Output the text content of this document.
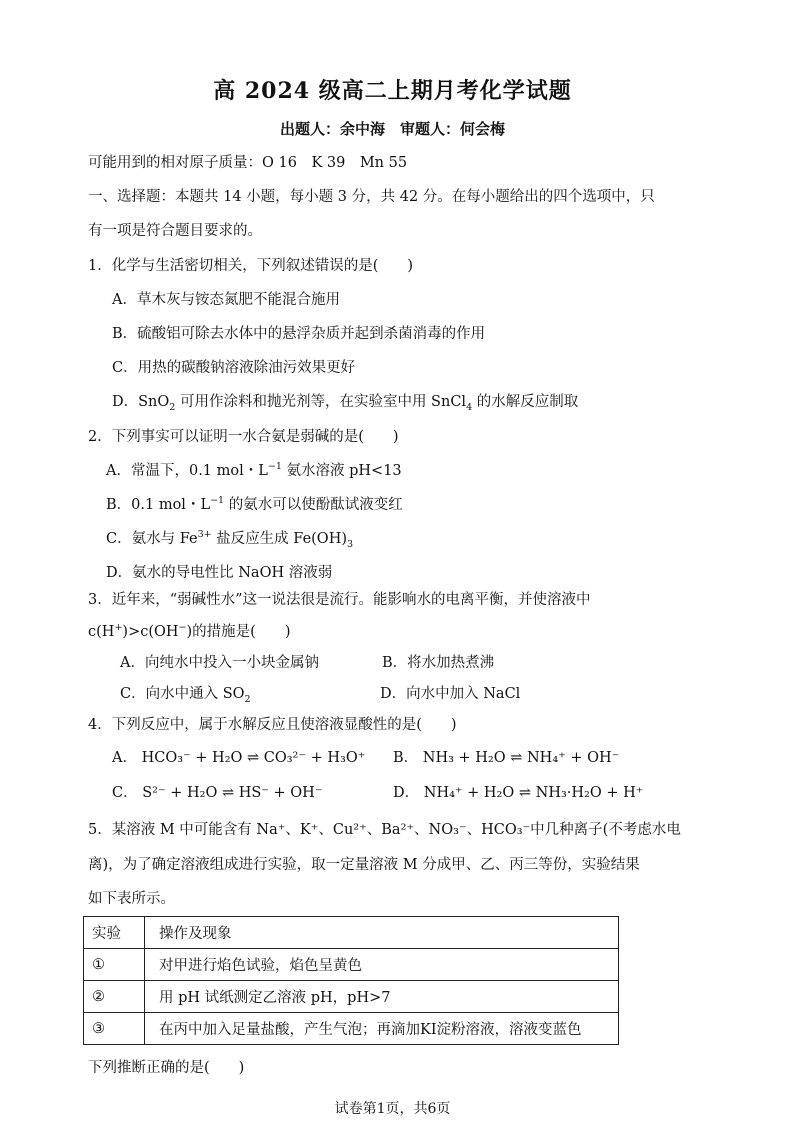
高 2024 级高二上期月考化学试题
出题人：余中海　审题人：何会梅
可能用到的相对原子质量：O 16　K 39　Mn 55
一、选择题：本题共 14 小题，每小题 3 分，共 42 分。在每小题给出的四个选项中，只
有一项是符合题目要求的。
1．化学与生活密切相关，下列叙述错误的是(　　)
A．草木灰与铵态氮肥不能混合施用
B．硫酸铝可除去水体中的悬浮杂质并起到杀菌消毒的作用
C．用热的碳酸钠溶液除油污效果更好
D．SnO$_2$ 可用作涂料和抛光剂等，在实验室中用 SnCl$_4$ 的水解反应制取
2．下列事实可以证明一水合氨是弱碱的是(　　)
A．常温下，0.1 mol・$L^{-1}$ 氨水溶液 pH<13
B．0.1 mol・$L^{-1}$ 的氨水可以使酚酞试液变红
C．氨水与 $Fe^{3+}$ 盐反应生成 $Fe(OH)_3$
D．氨水的导电性比 NaOH 溶液弱
3．近年来，“弱碱性水”这一说法很是流行。能影响水的电离平衡，并使溶液中
c(H+)>c(OH−)的措施是(　　)
A．向纯水中投入一小块金属钠	B．将水加热煮沸
C．向水中通入 $SO_2$	D．向水中加入 NaCl
4．下列反应中，属于水解反应且使溶液显酸性的是(　　)
A． HCO₃⁻ + H₂O ⇌ CO₃²⁻ + H₃O⁺ B． NH₃ + H₂O ⇌ NH₄⁺ + OH⁻
C． S²⁻ + H₂O ⇌ HS⁻ + OH⁻	D． NH₄⁺ + H₂O ⇌ NH₃·H₂O + H⁺
5．某溶液 M 中可能含有 Na⁺、K⁺、Cu²⁺、Ba²⁺、NO₃⁻、HCO₃⁻中几种离子(不考虑水电
离)，为了确定溶液组成进行实验，取一定量溶液 M 分成甲、乙、丙三等份，实验结果
如下表所示。
实验	操作及现象
①	对甲进行焰色试验，焰色呈黄色
②	用 pH 试纸测定乙溶液 pH，pH>7
③	在丙中加入足量盐酸，产生气泡；再滴加KI淀粉溶液，溶液变蓝色
下列推断正确的是(　　)
试卷第1页，共6页
